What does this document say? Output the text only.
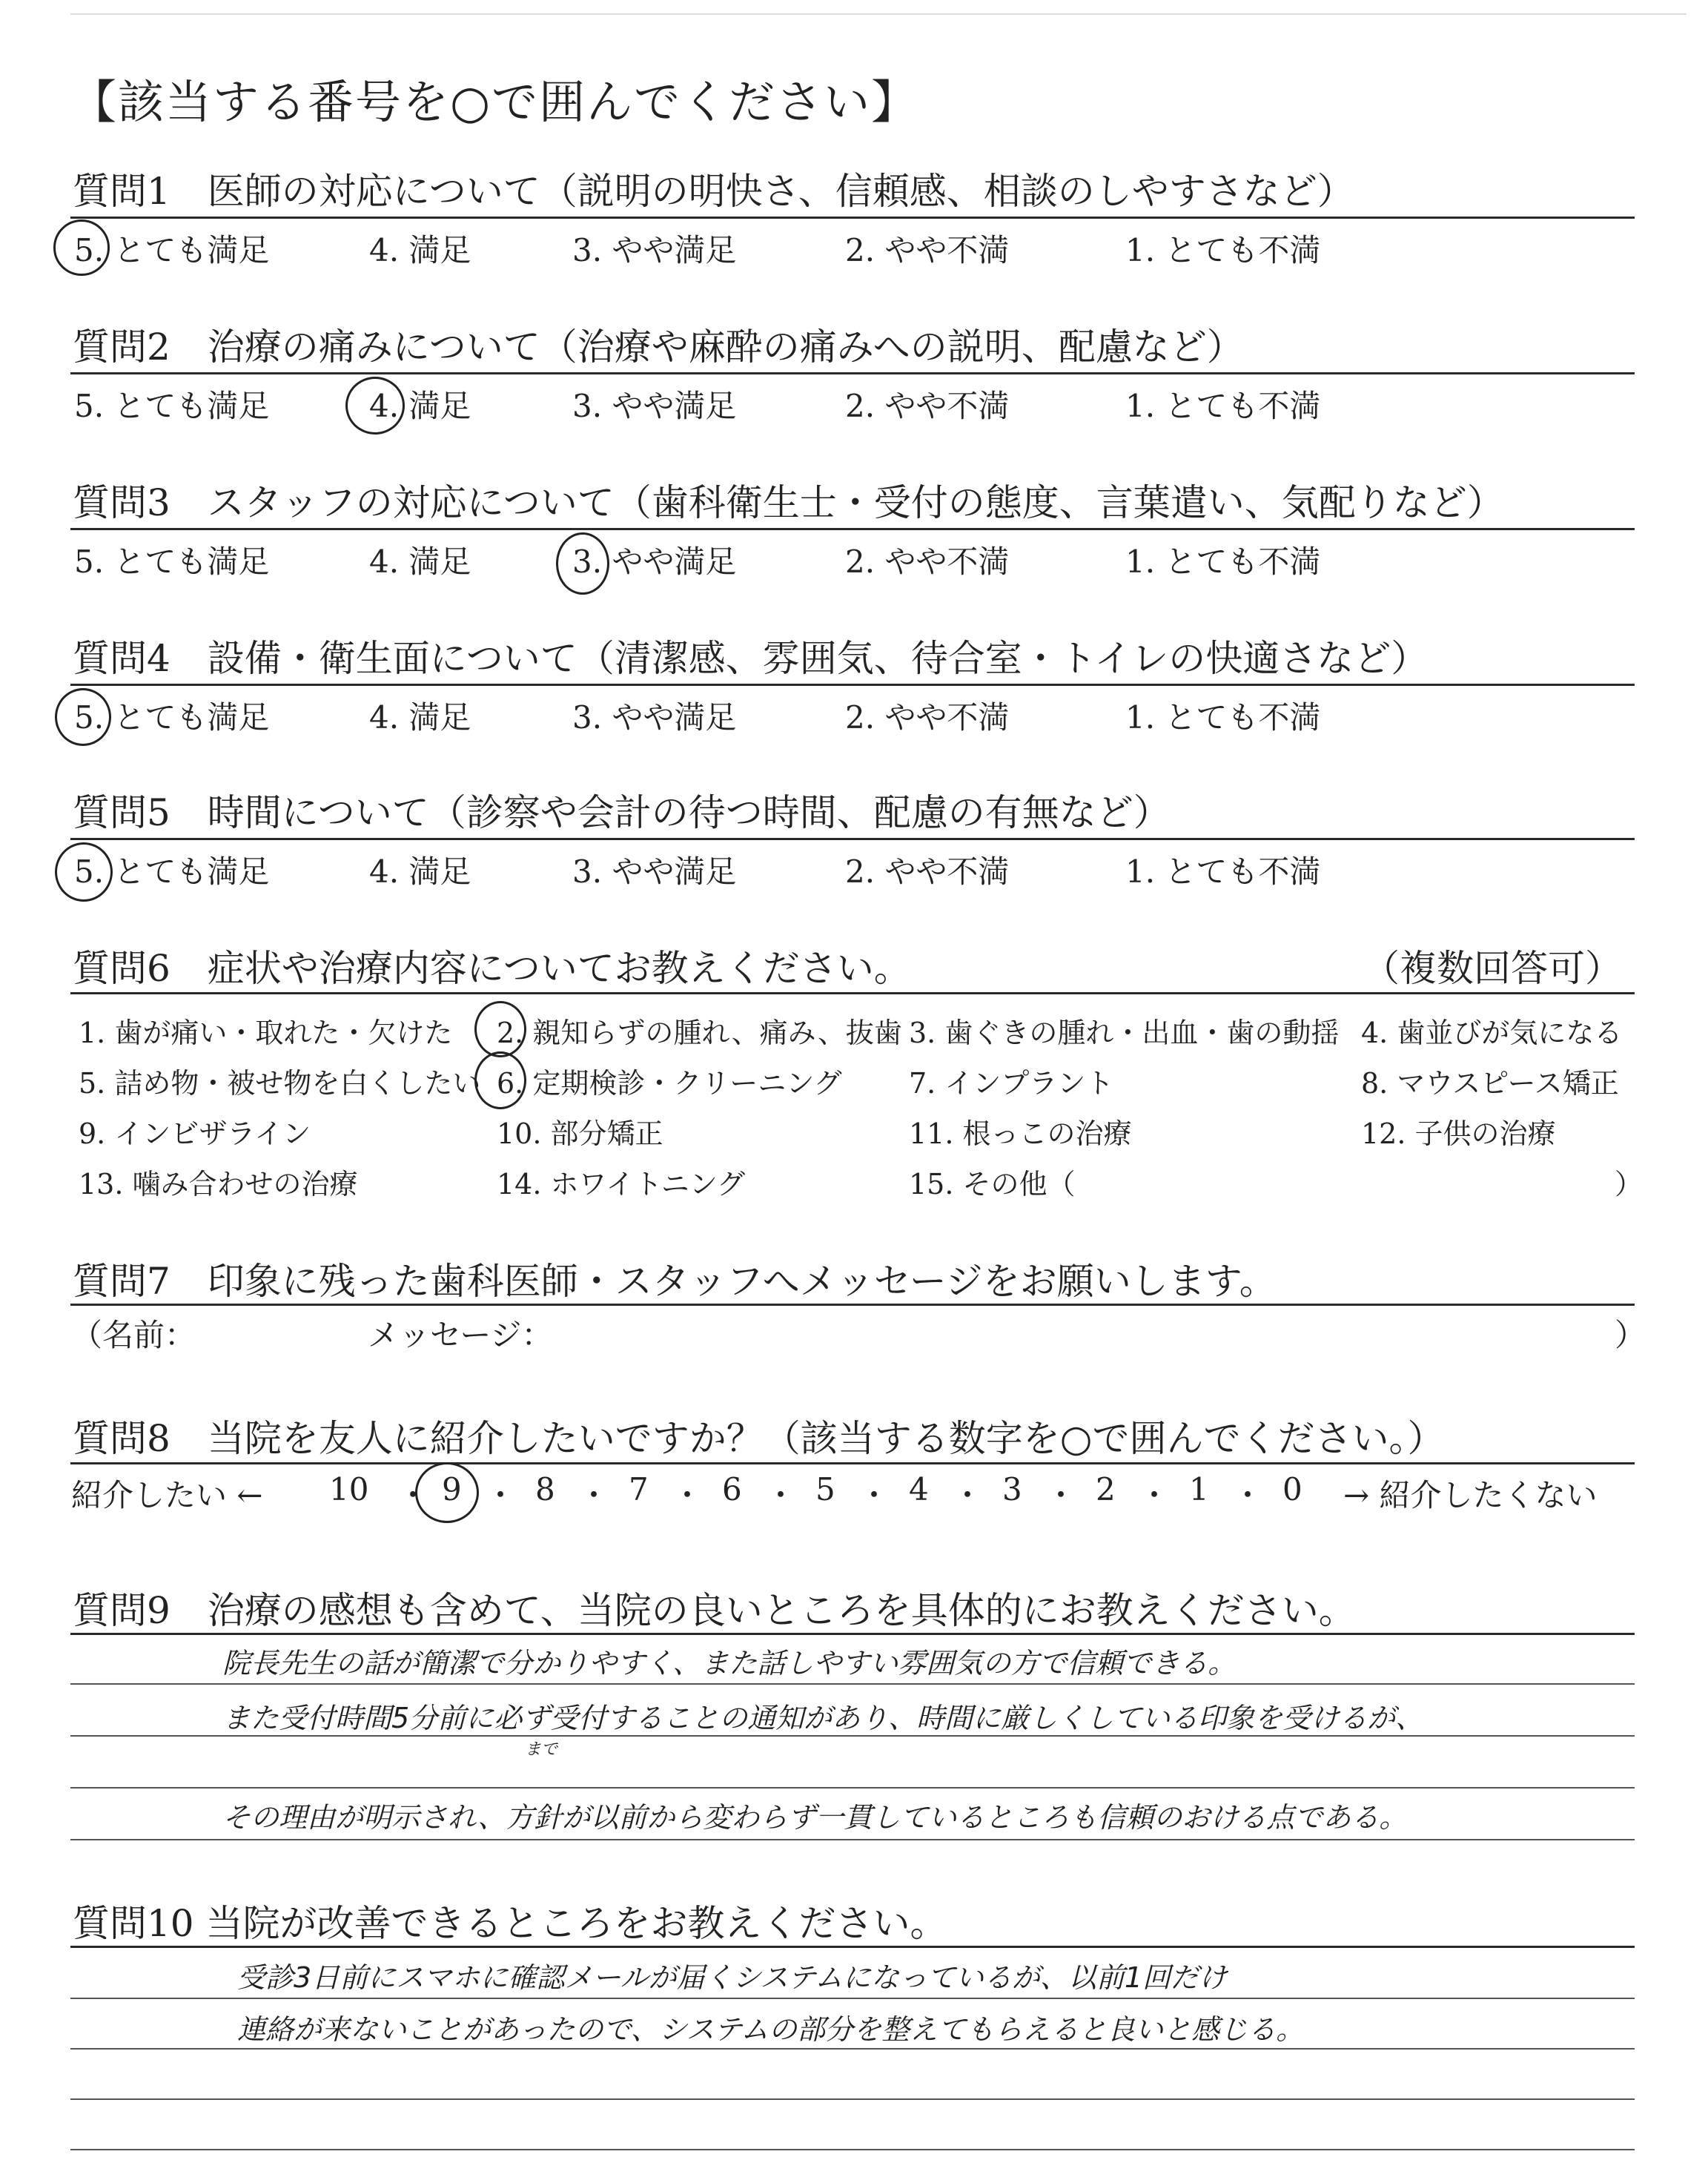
【該当する番号を○で囲んでください】
質問1　医師の対応について（説明の明快さ、信頼感、相談のしやすさなど）
5. とても満足	4. 満足	3. やや満足	2. やや不満	1. とても不満
質問2　治療の痛みについて（治療や麻酔の痛みへの説明、配慮など）
5. とても満足	4. 満足	3. やや満足	2. やや不満	1. とても不満
質問3　スタッフの対応について（歯科衛生士・受付の態度、言葉遣い、気配りなど）
5. とても満足	4. 満足	3. やや満足	2. やや不満	1. とても不満
質問4　設備・衛生面について（清潔感、雰囲気、待合室・トイレの快適さなど）
5. とても満足	4. 満足	3. やや満足	2. やや不満	1. とても不満
質問5　時間について（診察や会計の待つ時間、配慮の有無など）
5. とても満足	4. 満足	3. やや満足	2. やや不満	1. とても不満
質問6　症状や治療内容についてお教えください。	（複数回答可）
1. 歯が痛い・取れた・欠けた 2. 親知らずの腫れ、痛み、抜歯 3. 歯ぐきの腫れ・出血・歯の動揺 4. 歯並びが気になる
5. 詰め物・被せ物を白くしたい 6. 定期検診・クリーニング 7. インプラント	8. マウスピース矯正
9. インビザライン	10. 部分矯正	11. 根っこの治療	12. 子供の治療
13. 噛み合わせの治療	14. ホワイトニング	15. その他（	）
質問7　印象に残った歯科医師・スタッフへメッセージをお願いします。
（名前：	メッセージ：	）
質問8　当院を友人に紹介したいですか？（該当する数字を○で囲んでください。）
紹介したい ← 10 ・ 9 ・ 8 ・ 7 ・ 6 ・ 5 ・ 4 ・ 3 ・ 2 ・ 1 ・ 0 → 紹介したくない
質問9　治療の感想も含めて、当院の良いところを具体的にお教えください。
院長先生の話が簡潔で分かりやすく、また話しやすい雰囲気の方で信頼できる。
また受付時間5分前に必ず受付することの通知があり、時間に厳しくしている印象を受けるが、
まで
その理由が明示され、方針が以前から変わらず一貫しているところも信頼のおける点である。
質問10 当院が改善できるところをお教えください。
受診3日前にスマホに確認メールが届くシステムになっているが、以前1回だけ
連絡が来ないことがあったので、システムの部分を整えてもらえると良いと感じる。
